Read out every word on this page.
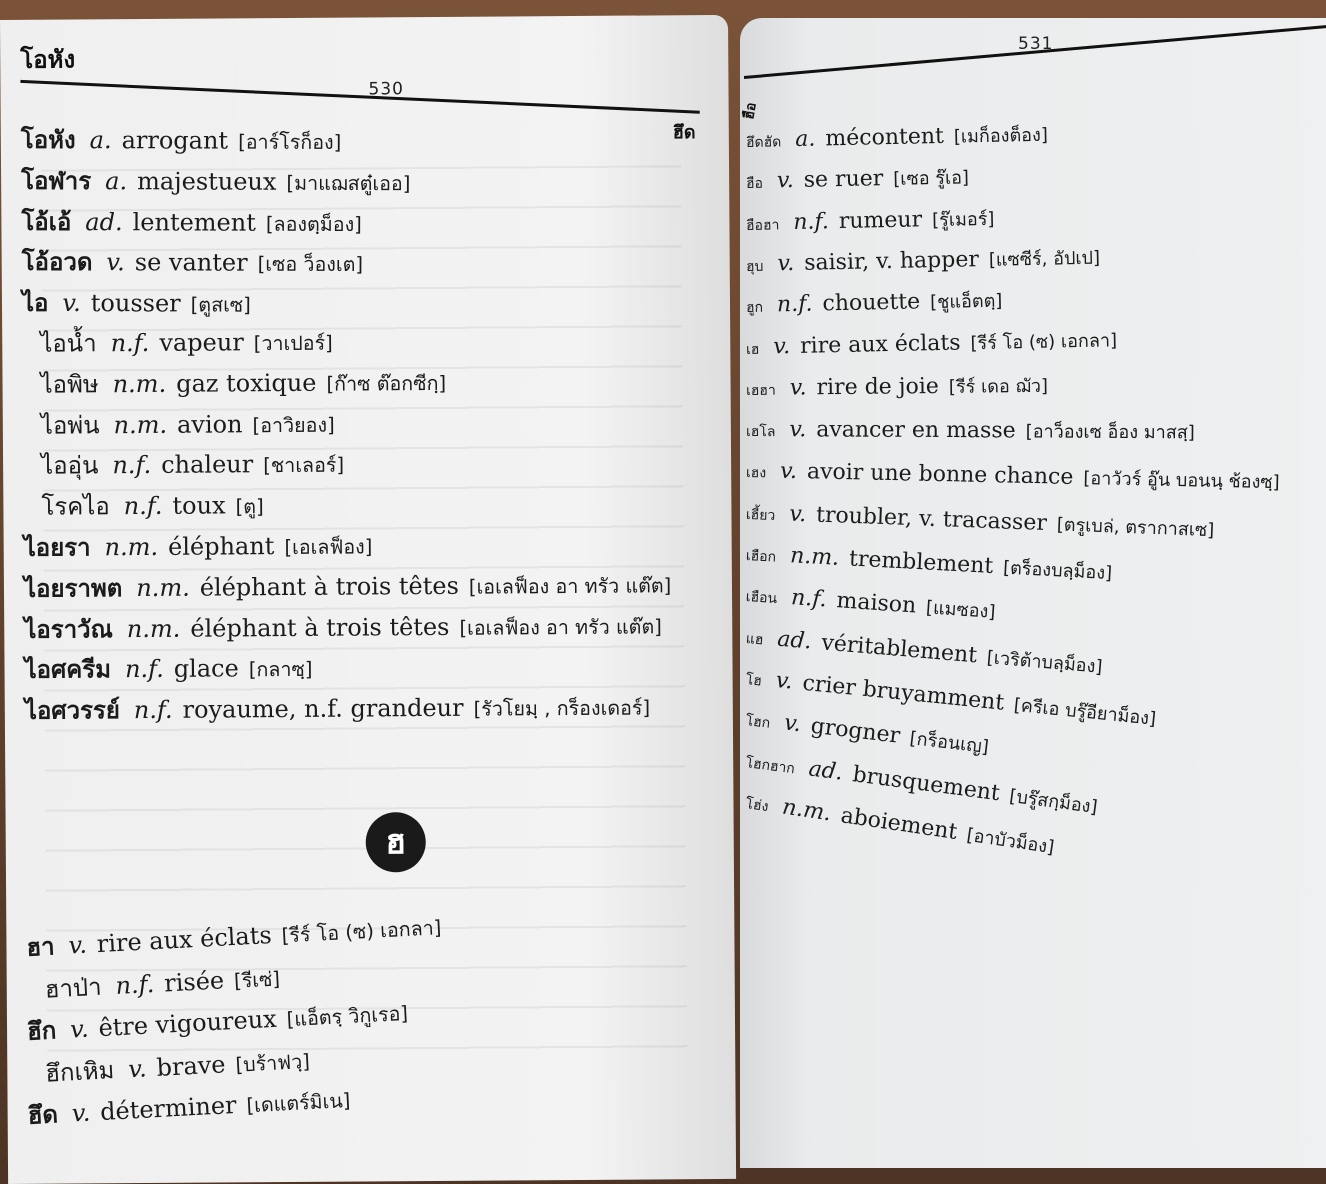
โอหัง
530
ฮึด
โอหัง a. arrogant [อาร์โรก็อง]
โอฬาร a. majestueux [มาแฌสตู๋เออ]
โอ้เอ้ ad. lentement [ลองตฺม็อง]
โอ้อวด v. se vanter [เซอ ว็องเต]
ไอ v. tousser [ตูสเซ]
ไอน้ำ n.f. vapeur [วาเปอร์]
ไอพิษ n.m. gaz toxique [ก๊าซ ต๊อกซีกฺ]
ไอพ่น n.m. avion [อาวิยอง]
ไออุ่น n.f. chaleur [ชาเลอร์]
โรคไอ n.f. toux [ตู]
ไอยรา n.m. éléphant [เอเลฟ็อง]
ไอยราพต n.m. éléphant à trois têtes [เอเลฟ็อง อา ทรัว แต๊ต]
ไอราวัณ n.m. éléphant à trois têtes [เอเลฟ็อง อา ทรัว แต๊ต]
ไอศครีม n.f. glace [กลาซฺ]
ไอศวรรย์ n.f. royaume, n.f. grandeur [รัวโยมฺ , กร็องเดอร์]
ฮ
ฮา v. rire aux éclats [รีร์ โอ (ซ) เอกลา]
ฮาป่า n.f. risée [รีเซ่]
ฮึก v. être vigoureux [แอ็ตรฺ วิกูเรอ]
ฮึกเหิม v. brave [บร้าฟวฺ]
ฮึด v. déterminer [เดแตร์มิเน]
531
ฮือ
ฮึดฮัด a. mécontent [เมก็องต็อง]
ฮือ v. se ruer [เซอ รู๊เอ]
ฮือฮา n.f. rumeur [รู๊เมอร์]
ฮุบ v. saisir, v. happer [แซซีร์, อัปเป]
ฮูก n.f. chouette [ชูแอ็ตตฺ]
เฮ v. rire aux éclats [รีร์ โอ (ซ) เอกลา]
เฮฮา v. rire de joie [รีร์ เดอ ฌัว]
เฮโล v. avancer en masse [อาว็องเซ อ็อง มาสสฺ]
เฮง v. avoir une bonne chance [อาวัวร์ อู๊น บอนนฺ ช้องซฺ]
เฮี้ยว v. troubler, v. tracasser [ตรูเบล่, ตรากาสเซ]
เฮือก n.m. tremblement [ตร็องบลฺม็อง]
เฮือน n.f. maison [แมซอง]
แฮ ad. véritablement [เวริต้าบลฺม็อง]
โฮ v. crier bruyamment [ครีเอ บรู๊อียาม็อง]
โฮก v. grogner [กร็อนเญ]
โฮกฮาก ad. brusquement [บรู๊สกฺม็อง]
โฮ่ง n.m. aboiement [อาบัวม็อง]
